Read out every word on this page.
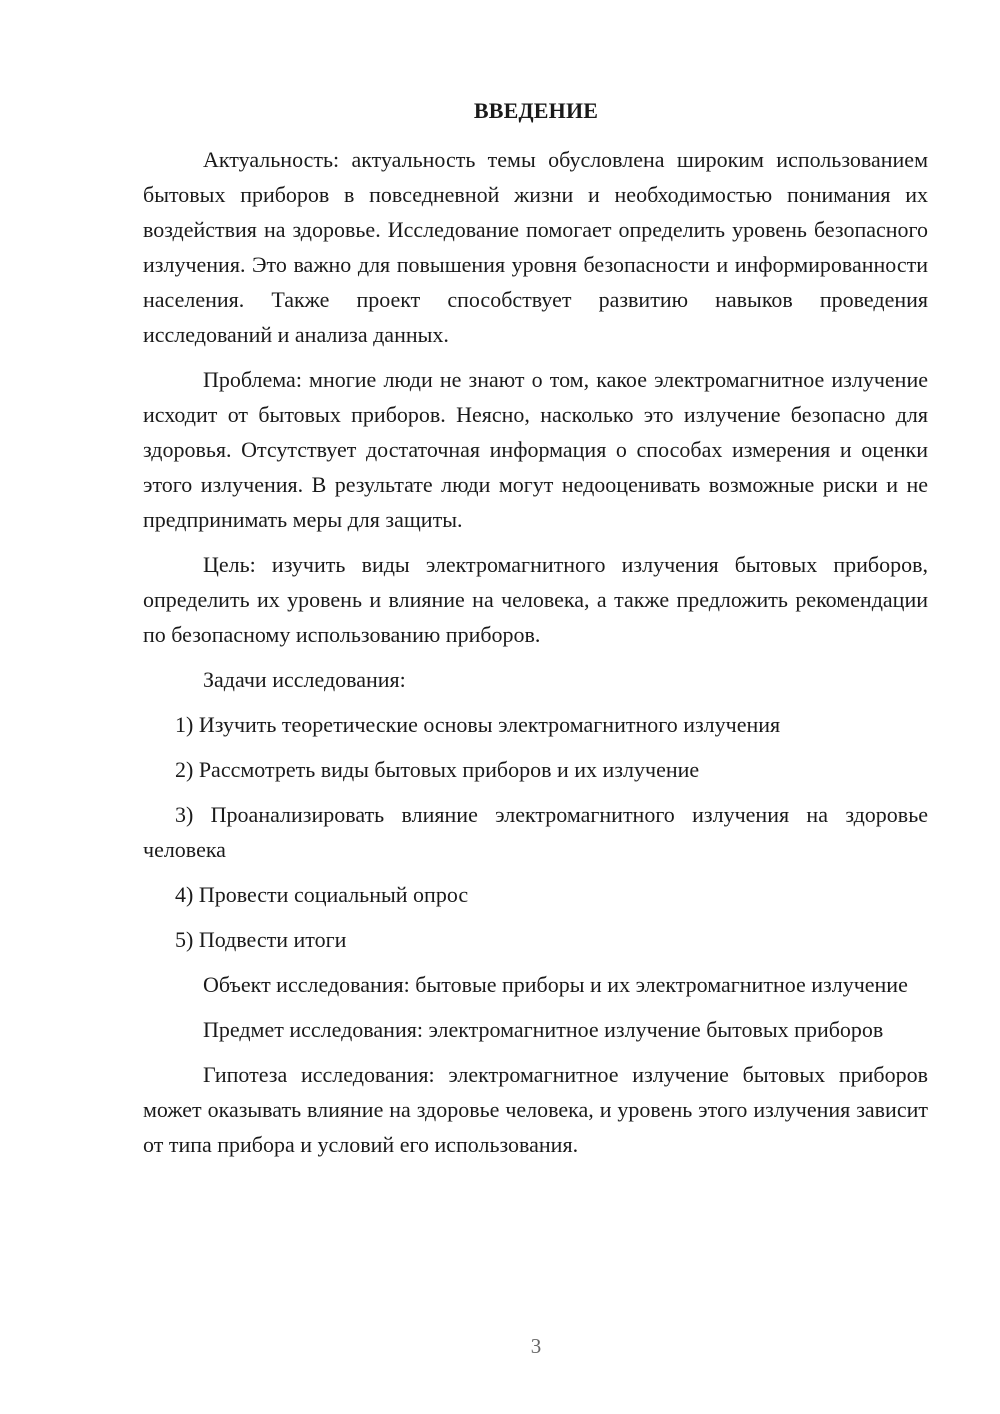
ВВЕДЕНИЕ

Актуальность: актуальность темы обусловлена широким использованием бытовых приборов в повседневной жизни и необходимостью понимания их воздействия на здоровье. Исследование помогает определить уровень безопасного излучения. Это важно для повышения уровня безопасности и информированности населения. Также проект способствует развитию навыков проведения исследований и анализа данных.

Проблема: многие люди не знают о том, какое электромагнитное излучение исходит от бытовых приборов. Неясно, насколько это излучение безопасно для здоровья. Отсутствует достаточная информация о способах измерения и оценки этого излучения. В результате люди могут недооценивать возможные риски и не предпринимать меры для защиты.

Цель: изучить виды электромагнитного излучения бытовых приборов, определить их уровень и влияние на человека, а также предложить рекомендации по безопасному использованию приборов.

Задачи исследования:

1) Изучить теоретические основы электромагнитного излучения

2) Рассмотреть виды бытовых приборов и их излучение

3) Проанализировать влияние электромагнитного излучения на здоровье человека

4) Провести социальный опрос

5) Подвести итоги

Объект исследования: бытовые приборы и их электромагнитное излучение

Предмет исследования: электромагнитное излучение бытовых приборов

Гипотеза исследования: электромагнитное излучение бытовых приборов может оказывать влияние на здоровье человека, и уровень этого излучения зависит от типа прибора и условий его использования.

3
